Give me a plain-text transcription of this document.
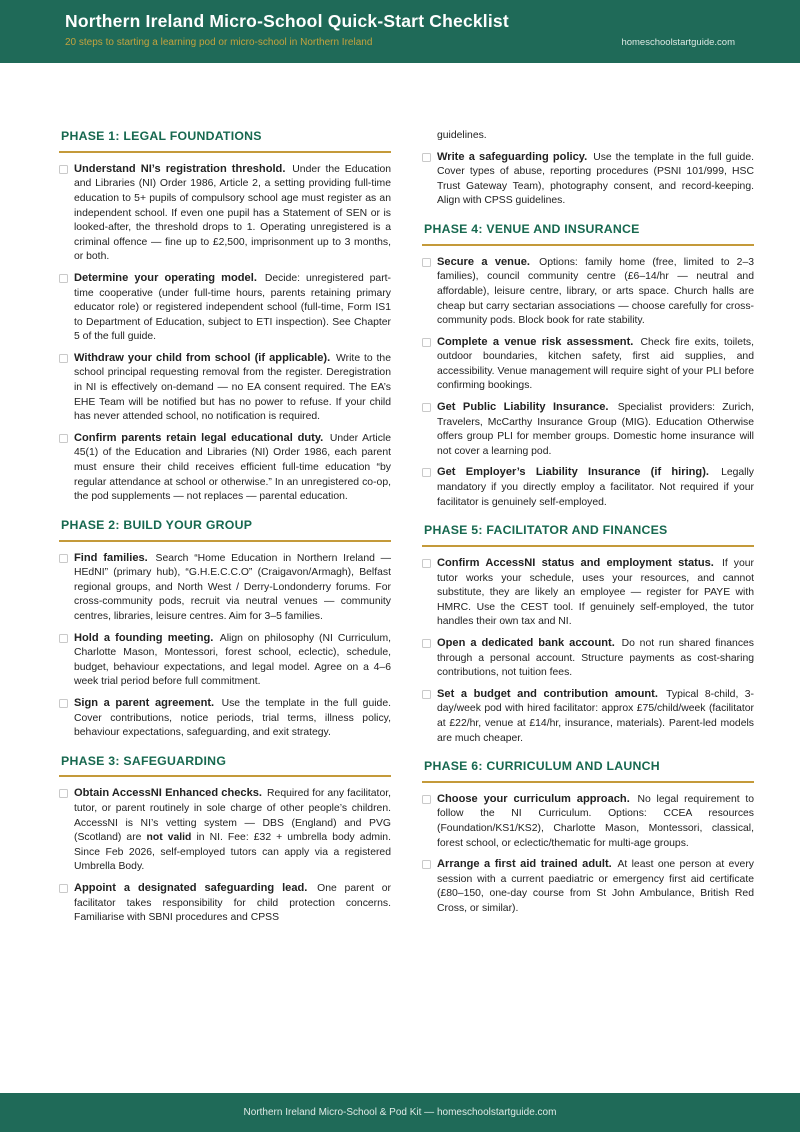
Northern Ireland Micro-School Quick-Start Checklist
20 steps to starting a learning pod or micro-school in Northern Ireland	homeschoolstartguide.com
PHASE 1: LEGAL FOUNDATIONS

Understand NI’s registration threshold. Under the Education and Libraries (NI) Order 1986, Article 2, a setting providing full-time education to 5+ pupils of compulsory school age must register as an independent school. If even one pupil has a Statement of SEN or is looked-after, the threshold drops to 1. Operating unregistered is a criminal offence — fine up to £2,500, imprisonment up to 3 months, or both.

Determine your operating model. Decide: unregistered part-time cooperative (under full-time hours, parents retaining primary educator role) or registered independent school (full-time, Form IS1 to Department of Education, subject to ETI inspection). See Chapter 5 of the full guide.

Withdraw your child from school (if applicable). Write to the school principal requesting removal from the register. Deregistration in NI is effectively on-demand — no EA consent required. The EA’s EHE Team will be notified but has no power to refuse. If your child has never attended school, no notification is required.

Confirm parents retain legal educational duty. Under Article 45(1) of the Education and Libraries (NI) Order 1986, each parent must ensure their child receives efficient full-time education “by regular attendance at school or otherwise.” In an unregistered co-op, the pod supplements — not replaces — parental education.

PHASE 2: BUILD YOUR GROUP

Find families. Search “Home Education in Northern Ireland — HEdNI” (primary hub), “G.H.E.C.C.O” (Craigavon/Armagh), Belfast regional groups, and North West / Derry-Londonderry forums. For cross-community pods, recruit via neutral venues — community centres, libraries, leisure centres. Aim for 3–5 families.

Hold a founding meeting. Align on philosophy (NI Curriculum, Charlotte Mason, Montessori, forest school, eclectic), schedule, budget, behaviour expectations, and legal model. Agree on a 4–6 week trial period before full commitment.

Sign a parent agreement. Use the template in the full guide. Cover contributions, notice periods, trial terms, illness policy, behaviour expectations, safeguarding, and exit strategy.

PHASE 3: SAFEGUARDING

Obtain AccessNI Enhanced checks. Required for any facilitator, tutor, or parent routinely in sole charge of other people’s children. AccessNI is NI’s vetting system — DBS (England) and PVG (Scotland) are not valid in NI. Fee: £32 + umbrella body admin. Since Feb 2026, self-employed tutors can apply via a registered Umbrella Body.

Appoint a designated safeguarding lead. One parent or facilitator takes responsibility for child protection concerns. Familiarise with SBNI procedures and CPSS

guidelines.

Write a safeguarding policy. Use the template in the full guide. Cover types of abuse, reporting procedures (PSNI 101/999, HSC Trust Gateway Team), photography consent, and record-keeping. Align with CPSS guidelines.

PHASE 4: VENUE AND INSURANCE

Secure a venue. Options: family home (free, limited to 2–3 families), council community centre (£6–14/hr — neutral and affordable), leisure centre, library, or arts space. Church halls are cheap but carry sectarian associations — choose carefully for cross-community pods. Block book for rate stability.

Complete a venue risk assessment. Check fire exits, toilets, outdoor boundaries, kitchen safety, first aid supplies, and accessibility. Venue management will require sight of your PLI before confirming bookings.

Get Public Liability Insurance. Specialist providers: Zurich, Travelers, McCarthy Insurance Group (MIG). Education Otherwise offers group PLI for member groups. Domestic home insurance will not cover a learning pod.

Get Employer’s Liability Insurance (if hiring). Legally mandatory if you directly employ a facilitator. Not required if your facilitator is genuinely self-employed.

PHASE 5: FACILITATOR AND FINANCES

Confirm AccessNI status and employment status. If your tutor works your schedule, uses your resources, and cannot substitute, they are likely an employee — register for PAYE with HMRC. Use the CEST tool. If genuinely self-employed, the tutor handles their own tax and NI.

Open a dedicated bank account. Do not run shared finances through a personal account. Structure payments as cost-sharing contributions, not tuition fees.

Set a budget and contribution amount. Typical 8-child, 3-day/week pod with hired facilitator: approx £75/child/week (facilitator at £22/hr, venue at £14/hr, insurance, materials). Parent-led models are much cheaper.

PHASE 6: CURRICULUM AND LAUNCH

Choose your curriculum approach. No legal requirement to follow the NI Curriculum. Options: CCEA resources (Foundation/KS1/KS2), Charlotte Mason, Montessori, classical, forest school, or eclectic/thematic for multi-age groups.

Arrange a first aid trained adult. At least one person at every session with a current paediatric or emergency first aid certificate (£80–150, one-day course from St John Ambulance, British Red Cross, or similar).

Northern Ireland Micro-School & Pod Kit — homeschoolstartguide.com
